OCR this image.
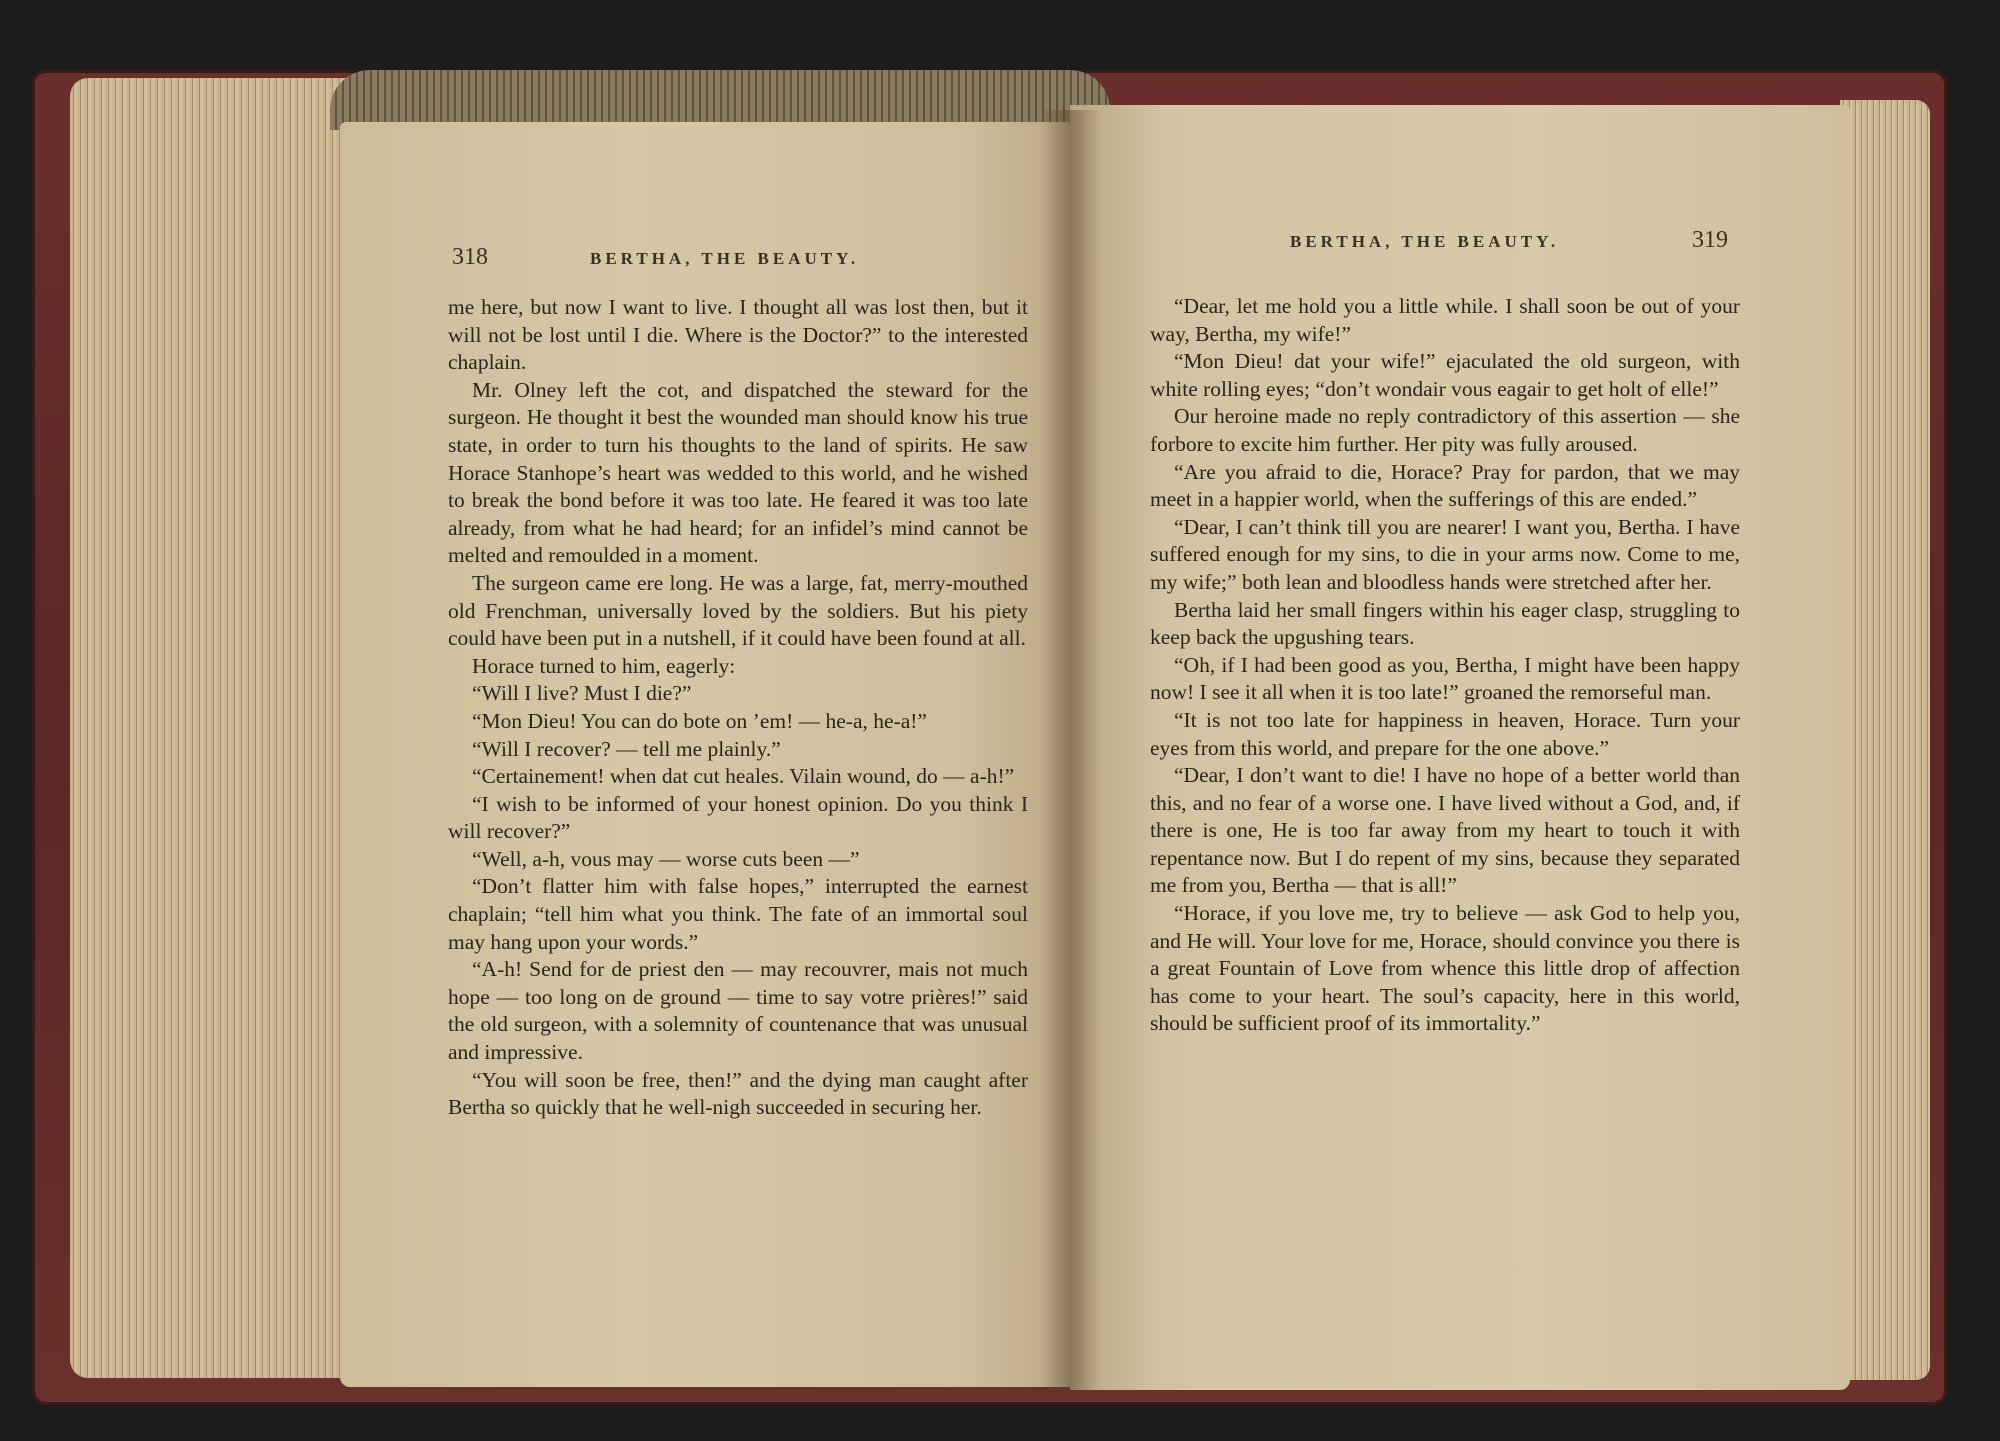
318	BERTHA, THE BEAUTY.

me here, but now I want to live. I thought all was lost then, but it will not be lost until I die. Where is the Doctor?” to the interested chaplain.

Mr. Olney left the cot, and dispatched the steward for the surgeon. He thought it best the wounded man should know his true state, in order to turn his thoughts to the land of spirits. He saw Horace Stanhope’s heart was wedded to this world, and he wished to break the bond before it was too late. He feared it was too late already, from what he had heard; for an infidel’s mind cannot be melted and remoulded in a moment.

The surgeon came ere long. He was a large, fat, merry-mouthed old Frenchman, universally loved by the soldiers. But his piety could have been put in a nutshell, if it could have been found at all.

Horace turned to him, eagerly:

“Will I live? Must I die?”

“Mon Dieu! You can do bote on ’em! — he-a, he-a!”

“Will I recover? — tell me plainly.”

“Certainement! when dat cut heales. Vilain wound, do — a-h!”

“I wish to be informed of your honest opinion. Do you think I will recover?”

“Well, a-h, vous may — worse cuts been —”

“Don’t flatter him with false hopes,” interrupted the earnest chaplain; “tell him what you think. The fate of an immortal soul may hang upon your words.”

“A-h! Send for de priest den — may recouvrer, mais not much hope — too long on de ground — time to say votre prières!” said the old surgeon, with a solemnity of countenance that was unusual and impressive.

“You will soon be free, then!” and the dying man caught after Bertha so quickly that he well-nigh succeeded in securing her.

BERTHA, THE BEAUTY.	319

“Dear, let me hold you a little while. I shall soon be out of your way, Bertha, my wife!”

“Mon Dieu! dat your wife!” ejaculated the old surgeon, with white rolling eyes; “don’t wondair vous eagair to get holt of elle!”

Our heroine made no reply contradictory of this assertion — she forbore to excite him further. Her pity was fully aroused.

“Are you afraid to die, Horace? Pray for pardon, that we may meet in a happier world, when the sufferings of this are ended.”

“Dear, I can’t think till you are nearer! I want you, Bertha. I have suffered enough for my sins, to die in your arms now. Come to me, my wife;” both lean and bloodless hands were stretched after her.

Bertha laid her small fingers within his eager clasp, struggling to keep back the upgushing tears.

“Oh, if I had been good as you, Bertha, I might have been happy now! I see it all when it is too late!” groaned the remorseful man.

“It is not too late for happiness in heaven, Horace. Turn your eyes from this world, and prepare for the one above.”

“Dear, I don’t want to die! I have no hope of a better world than this, and no fear of a worse one. I have lived without a God, and, if there is one, He is too far away from my heart to touch it with repentance now. But I do repent of my sins, because they separated me from you, Bertha — that is all!”

“Horace, if you love me, try to believe — ask God to help you, and He will. Your love for me, Horace, should convince you there is a great Fountain of Love from whence this little drop of affection has come to your heart. The soul’s capacity, here in this world, should be sufficient proof of its immortality.”
